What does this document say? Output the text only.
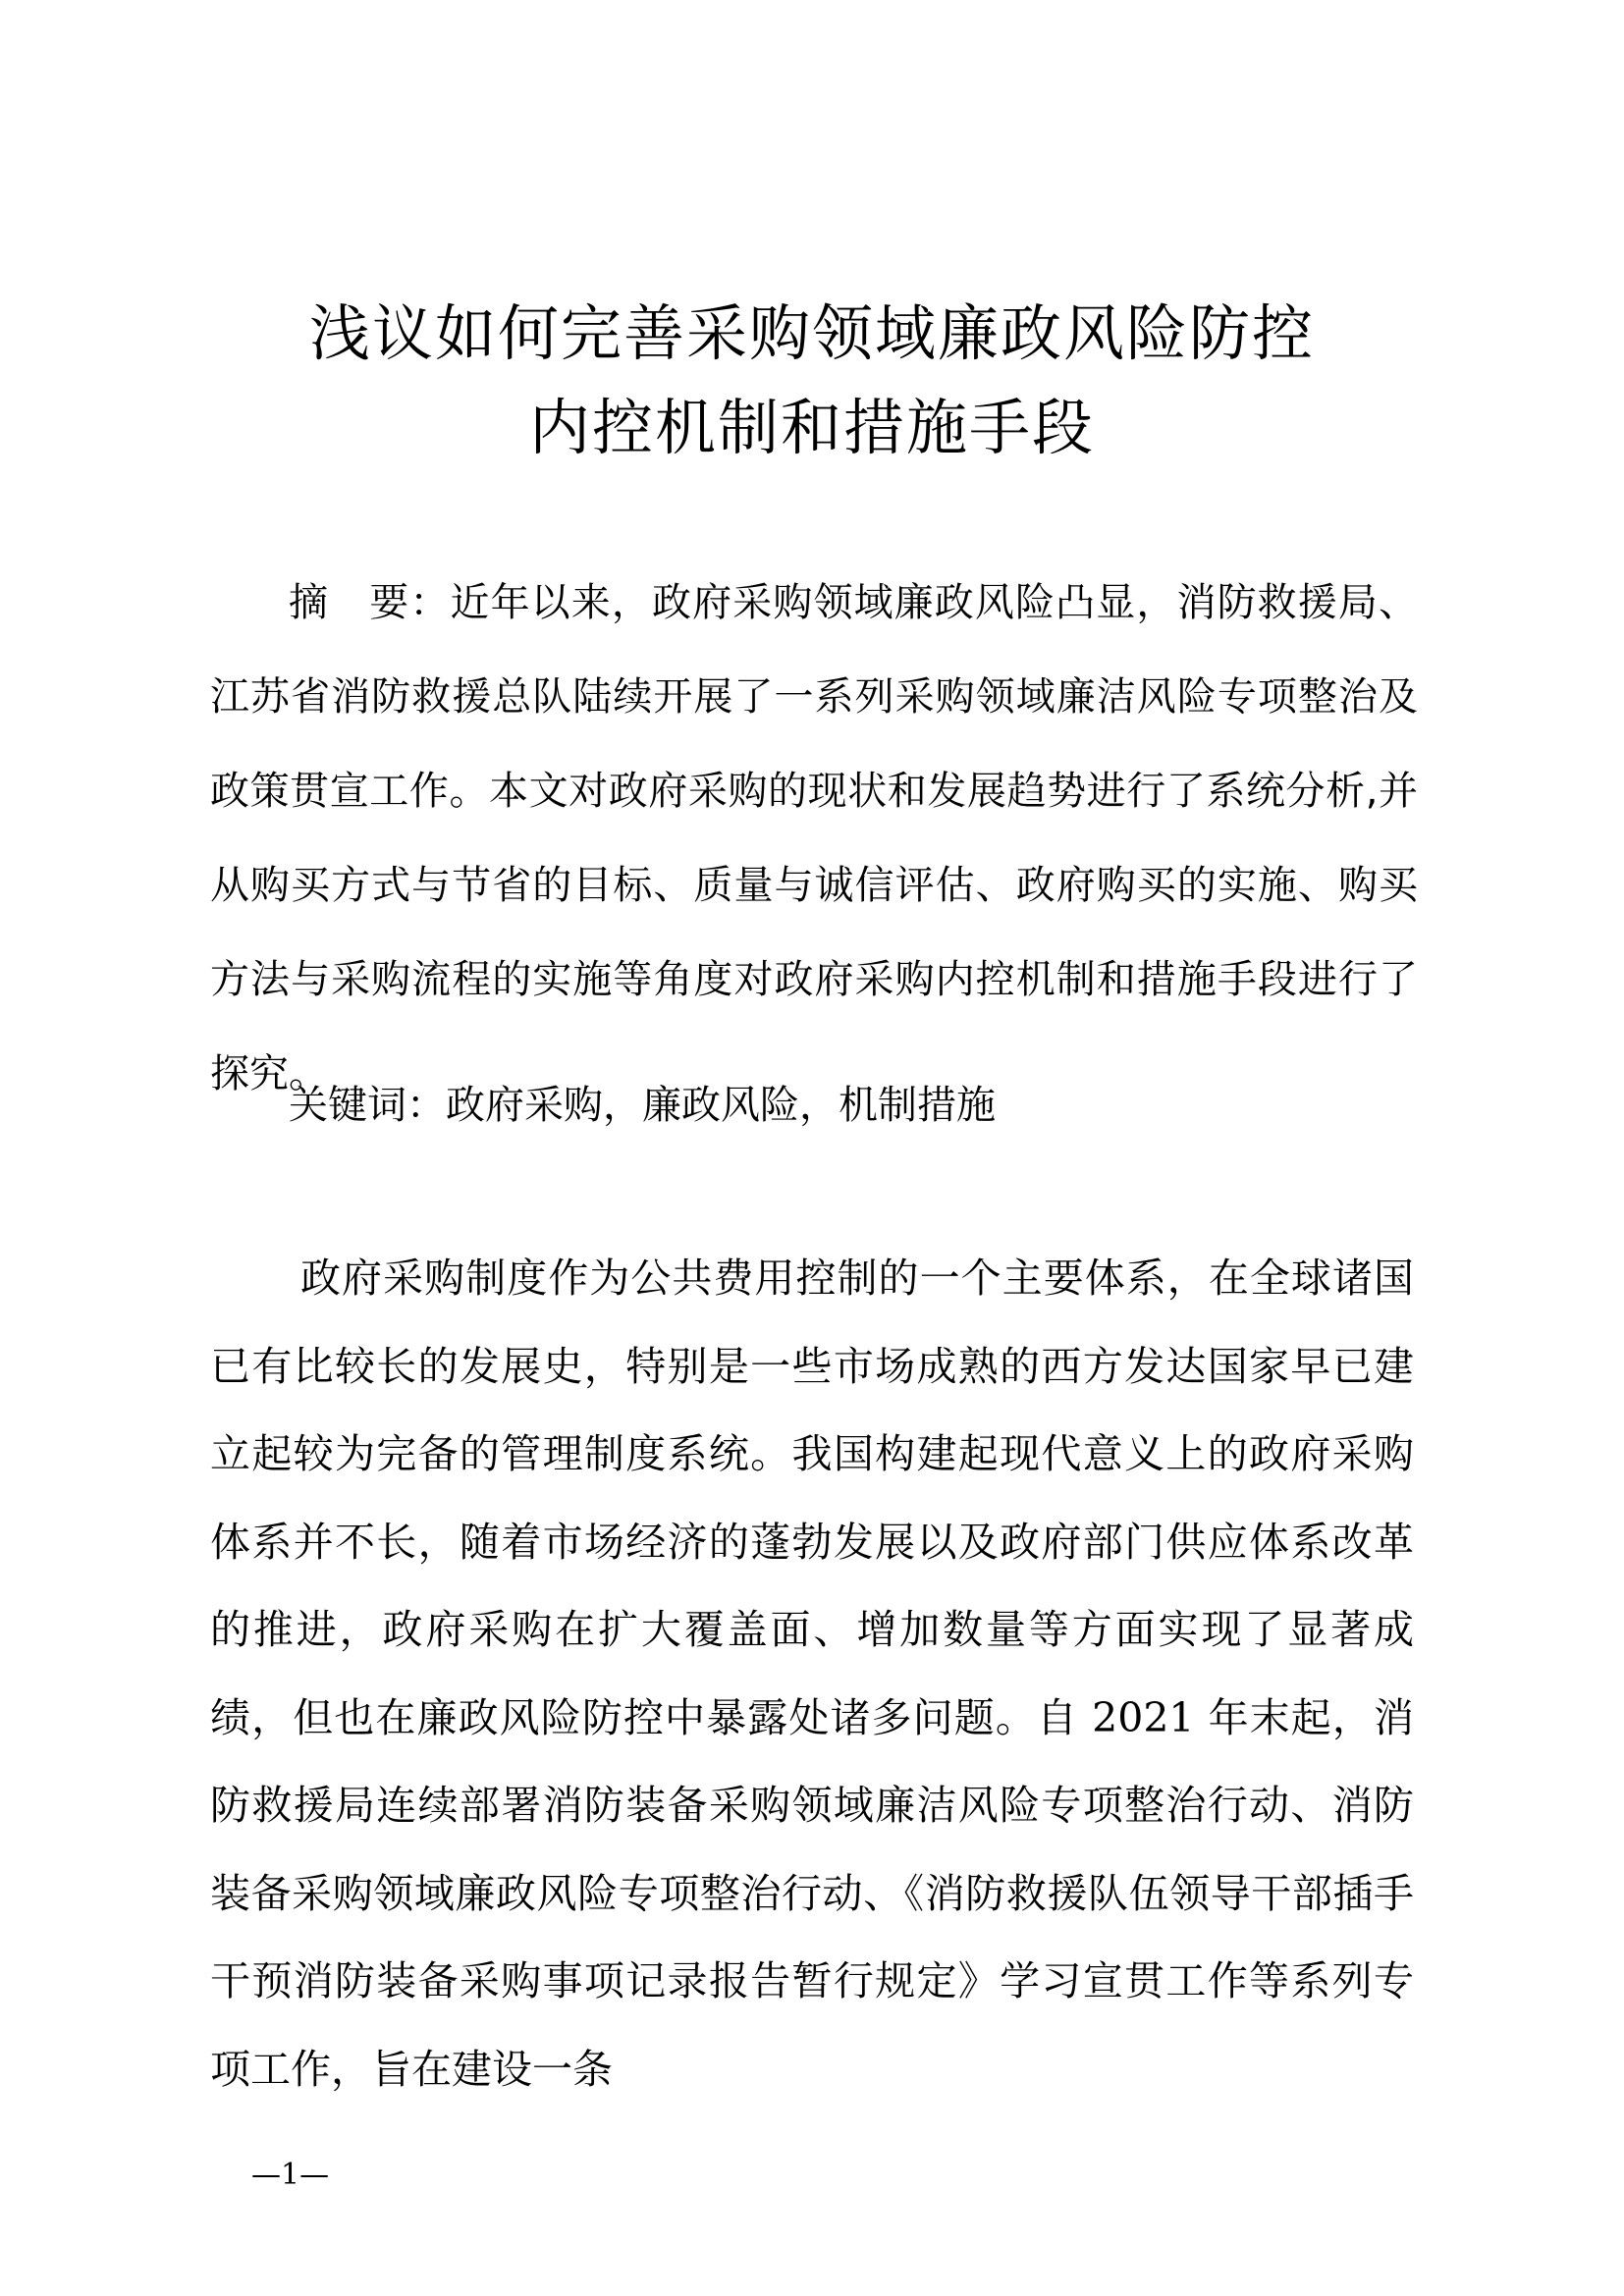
浅议如何完善采购领域廉政风险防控
内控机制和措施手段

摘　要：近年以来，政府采购领域廉政风险凸显，消防救援局、江苏省消防救援总队陆续开展了一系列采购领域廉洁风险专项整治及政策贯宣工作。本文对政府采购的现状和发展趋势进行了系统分析,并从购买方式与节省的目标、质量与诚信评估、政府购买的实施、购买方法与采购流程的实施等角度对政府采购内控机制和措施手段进行了探究。

关键词：政府采购，廉政风险，机制措施

政府采购制度作为公共费用控制的一个主要体系，在全球诸国已有比较长的发展史，特别是一些市场成熟的西方发达国家早已建立起较为完备的管理制度系统。我国构建起现代意义上的政府采购体系并不长，随着市场经济的蓬勃发展以及政府部门供应体系改革的推进，政府采购在扩大覆盖面、增加数量等方面实现了显著成绩，但也在廉政风险防控中暴露处诸多问题。自 2021 年末起，消防救援局连续部署消防装备采购领域廉洁风险专项整治行动、消防装备采购领域廉政风险专项整治行动、《消防救援队伍领导干部插手干预消防装备采购事项记录报告暂行规定》学习宣贯工作等系列专项工作，旨在建设一条

—1—
